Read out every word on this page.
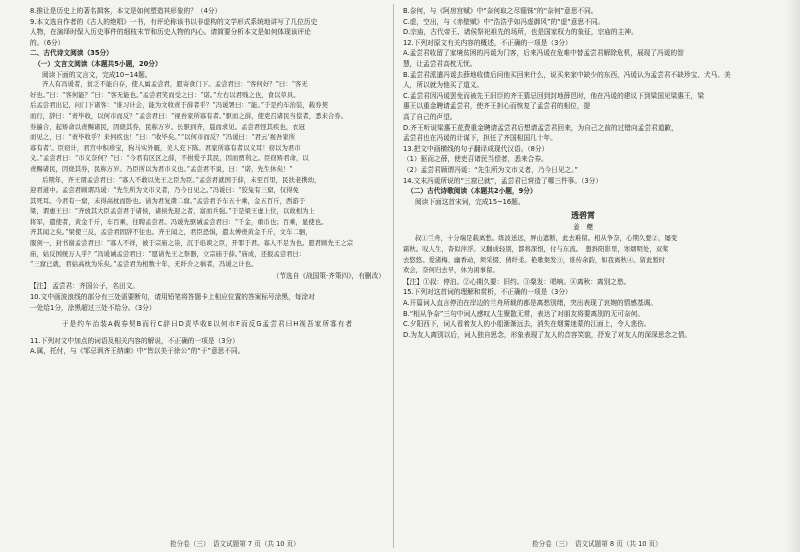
8.推让是历史上的著名揖客，本文是如何塑造其形象的？（4分）
9.本文选自作者的《古人的绝唱》一书，有评论称该书以非虚构的文学形式系统地讲写了几位历史
人物，在演绎时保入历史事件的细枝末节和历史人物的内心。请简要分析本文是如何体现该评论
的。（6分）
二、古代诗文阅读（35分）
（一）文言文阅读（本题共5小题，20分）
阅读下面的文言文，完成10~14题。
齐人有冯谖者，贫乏不能自存，使人属孟尝君，愿寄食门下。孟尝君曰：“客何好？”曰：“客无
好也。”曰：“客何能？”曰：“客无能也。”孟尝君笑而受之曰：“诺。”左右以君贱之也，食以草具。
后孟尝君出记，问门下诸客：“谁习计会，能为文收责于薛者乎？”冯谖署曰：“能。”于是约车治装，载券契
而行，辞曰：“责毕收，以何市而反？”孟尝君曰：“视吾家所寡有者。”驱而之薛，使吏召诸民当偿者，悉来合券。
券遍合，起矫命以责赐诸民，因烧其券，民称万岁。长驱到齐，晨而求见。孟尝君怪其疾也，衣冠
而见之，曰：“责毕收乎？来何疾也！”曰：“收毕矣。”“以何市而反？”冯谖曰：“君云‘视吾家所
寡有者’。臣窃计，君宫中积珍宝，狗马实外厩，美人充下陈。君家所寡有者以义耳！窃以为君市
义。”孟尝君曰：“市义奈何？”曰：“今君有区区之薛，不拊爱子其民，因而贾利之。臣窃矫君命，以
责赐诸民，因烧其券，民称万岁。乃臣所以为君市义也。”孟尝君不说，曰：“诺，先生休矣！”
后期年，齐王谓孟尝君曰：“寡人不敢以先王之臣为臣。”孟尝君就国于薛，未至百里，民扶老携幼，
迎君道中。孟尝君顾谓冯谖：“先生所为文市义者，乃今日见之。”冯谖曰：“狡兔有三窟，仅得免
其死耳。今君有一窟，未得高枕而卧也。请为君复凿二窟。”孟尝君予车五十乘，金五百斤，西游于
梁，谓惠王曰：“齐放其大臣孟尝君于诸侯，诸侯先迎之者，富而兵强。”于是梁王虚上位，以故相为上
将军，遣使者，黄金千斤，车百乘，往聘孟尝君。冯谖先驱诫孟尝君曰：“千金，重币也；百乘，显使也。
齐其闻之矣。”梁使三反，孟尝君固辞不往也。齐王闻之，君臣恐惧，遣太傅赍黄金千斤，文车二驷，
服剑一，封书谢孟尝君曰：“寡人不祥，被于宗庙之祟，沉于谄谀之臣，开罪于君。寡人不足为也。愿君顾先王之宗
庙，姑反国统万人乎？”冯谖诫孟尝君曰：“愿请先王之祭器，立宗庙于薛。”庙成，还报孟尝君曰：
“三窟已就，君姑高枕为乐矣。”孟尝君为相数十年，无纤介之祸者，冯谖之计也。
（节选自《战国策·齐策四》，有删改）
【注】 孟尝君：齐国公子，名田文。
10.文中画波浪线的部分有三处需要断句，请用铅笔将答题卡上相应位置的答案标号涂黑，每涂对
一处给1分，涂黑超过三处不给分。（3分）
于是约车治装A载券契B而行C辞曰D责毕收E以何市F而反G孟尝君曰H视吾家所寡有者
11.下列对文中加点的词语及相关内容的解说，不正确的一项是（3分）
A.属，托付，与《邹忌讽齐王纳谏》中“皆以美于徐公”的“于”意思不同。
B.奈何，与《阿房宫赋》中“奈何取之尽锱铢”的“奈何”意思不同。
C.虚，空出，与《赤壁赋》中“浩浩乎如冯虚御风”的“虚”意思不同。
D.宗庙，古代帝王、诸侯祭祀祖先的场所，也是国家权力的象征，宗庙的主神。
12.下列对原文有关内容的概述，不正确的一项是（3分）
A.孟尝君收留了家境贫困的冯谖为门客，后来冯谖在危难中替孟尝君解除危机，展现了冯谖的智
慧，让孟尝君高枕无忧。
B.孟尝君派遣冯谖去薛地收债后问他买回来什么，说买来家中缺少的东西，冯谖认为孟尝君不缺珍宝、犬马、美
人，所以就为他买了道义。
C.孟尝君因冯谖罢免而被先王旧臣的齐王猜忌回到封地薛邑时，他在冯谖的建议下到梁国见梁惠王，梁
惠王以重金聘请孟尝君，使齐王担心而恢复了孟尝君的相位，提
高了自己的声望。
D.齐王听说梁惠王花费重金聘请孟尝君后想请孟尝君回来，为自己之前的过错向孟尝君道歉，
孟尝君也在冯谖的计谋下，担任了齐国相国几十年。
13.把文中画横线的句子翻译成现代汉语。（8分）
（1）驱而之薛，使吏召诸民当偿者，悉来合券。
（2）孟尝君顾谓冯谖：“先生所为文市义者，乃今日见之。”
14.文末冯谖所说的“三窟已就”，孟尝君已营造了哪三件事。（3分）
（二）古代诗歌阅读（本题共2小题，9分）
阅读下面这首宋词，完成15~16题。
透碧霄
姜　夔
叔①兰舟，十分端是载离愁。练波送远，屏山遮断，此去难留。相从争奈，心期久要②，屡变
霜秋。叹人生，杳似萍浮。又翻成轻别，都将深恨，付与东流。　想斜阳影里，寒烟明处，双桨
去悠悠。爱渚梅、幽香动，须采掇、倩纤柔。艳歌粲发③，谁传余韵，如我离秋④。留此暂时
欢会，奈何归去早，休为闲事留。
【注】①叔：停泊。②心期久要：旧约。③粲发：唱响。④离秋：离别之愁。
15.下列对这首词的理解和赏析，不正确的一项是（3分）
A.开篇词人直言停泊在岸边的兰舟所载的都是离愁别绪，突出表现了哀婉的情感基调。
B.“相从争奈”三句中词人感叹人生聚散无常，表达了对朋友将要离别的无可奈何。
C.夕阳西下，词人看着友人的小船渐渐远去，消失在烟雾迷蒙的江面上，令人悲伤。
D.为友人离别以后，词人独自思念，形象表现了友人的音容笑貌，抒发了对友人的深深思念之情。
抢分卷（三）　语文试题第 7 页（共 10 页）	抢分卷（三）　语文试题第 8 页（共 10 页）
